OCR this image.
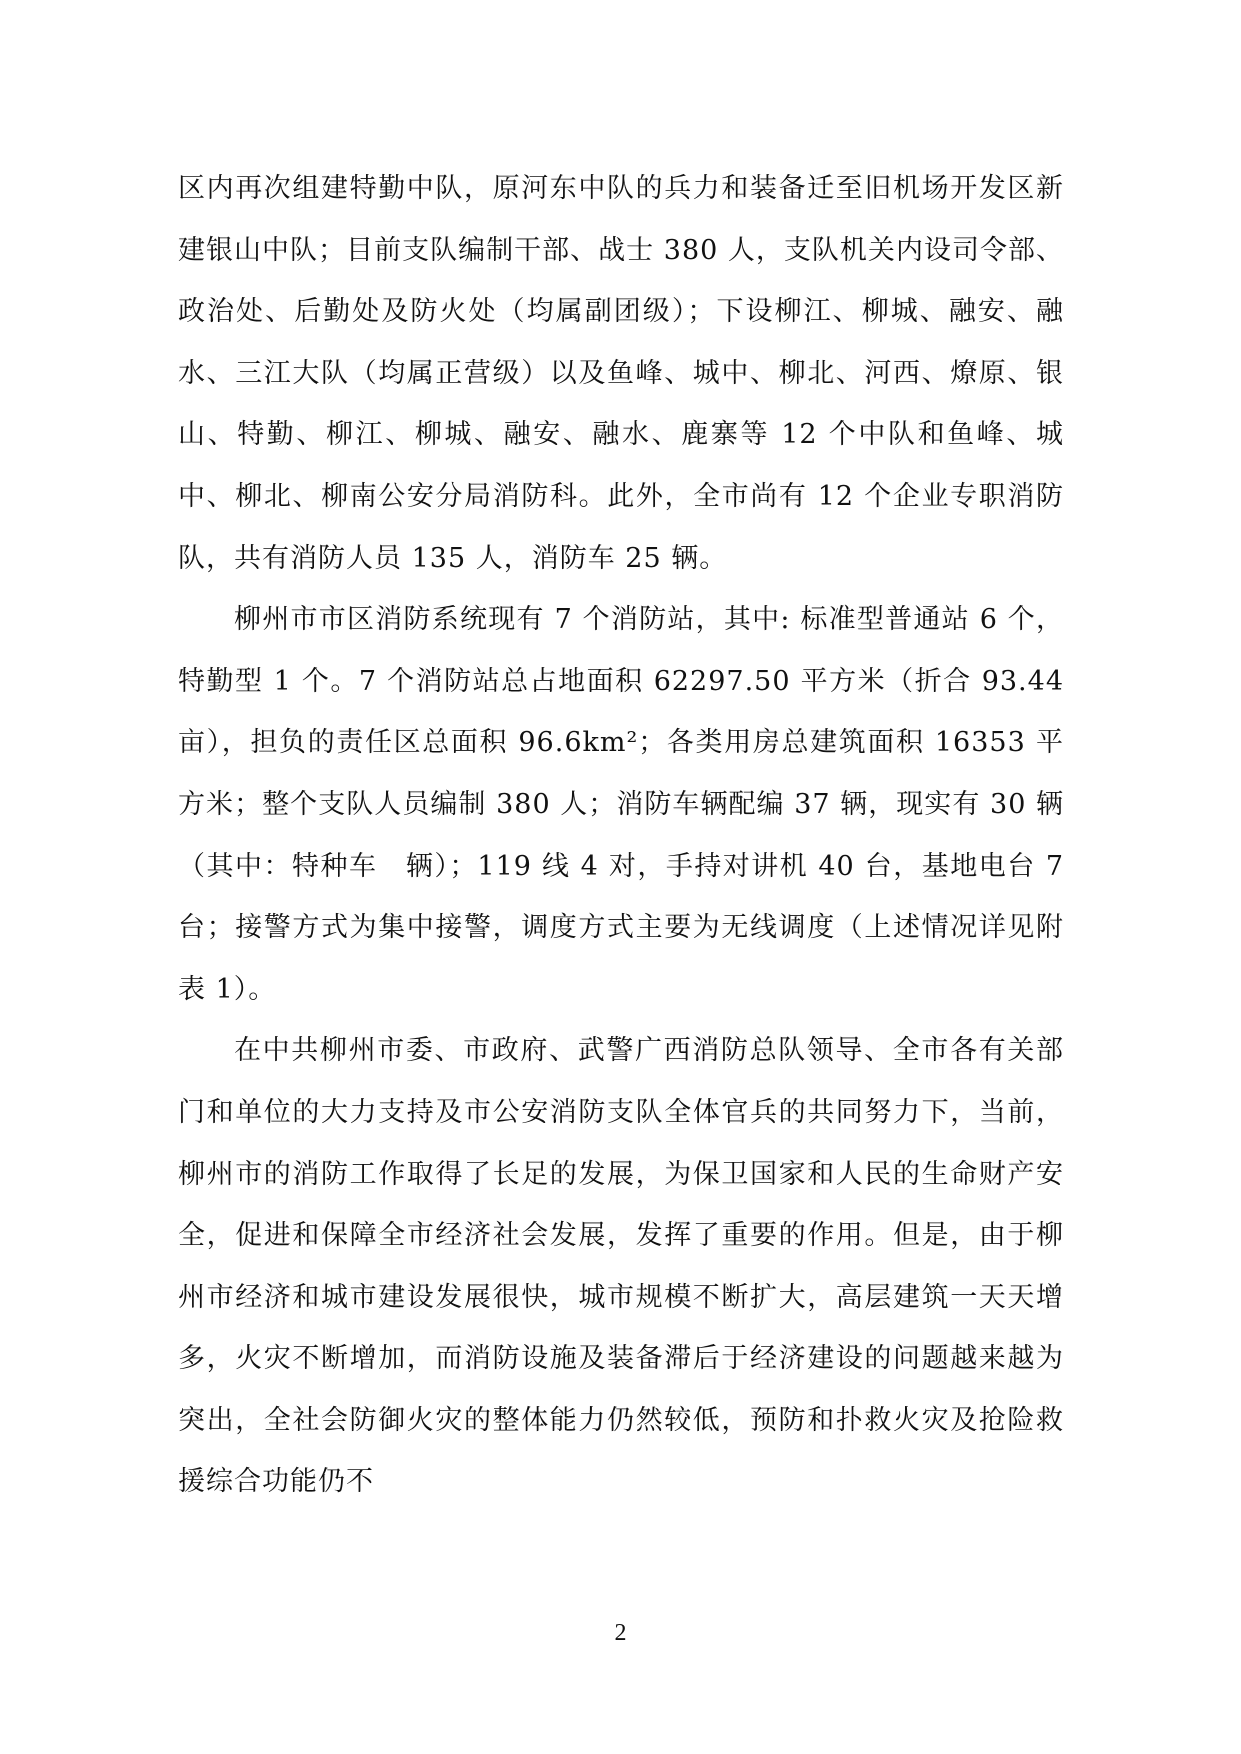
区内再次组建特勤中队，原河东中队的兵力和装备迁至旧机场开发区新建银山中队；目前支队编制干部、战士 380 人，支队机关内设司令部、政治处、后勤处及防火处（均属副团级）；下设柳江、柳城、融安、融水、三江大队（均属正营级）以及鱼峰、城中、柳北、河西、燎原、银山、特勤、柳江、柳城、融安、融水、鹿寨等 12 个中队和鱼峰、城中、柳北、柳南公安分局消防科。此外，全市尚有 12 个企业专职消防队，共有消防人员 135 人，消防车 25 辆。

柳州市市区消防系统现有 7 个消防站，其中: 标准型普通站 6 个，特勤型 1 个。7 个消防站总占地面积 62297.50 平方米（折合 93.44 亩），担负的责任区总面积 96.6km²；各类用房总建筑面积 16353 平方米；整个支队人员编制 380 人；消防车辆配编 37 辆，现实有 30 辆（其中：特种车　辆）；119 线 4 对，手持对讲机 40 台，基地电台 7 台；接警方式为集中接警，调度方式主要为无线调度（上述情况详见附表 1）。

在中共柳州市委、市政府、武警广西消防总队领导、全市各有关部门和单位的大力支持及市公安消防支队全体官兵的共同努力下，当前，柳州市的消防工作取得了长足的发展，为保卫国家和人民的生命财产安全，促进和保障全市经济社会发展，发挥了重要的作用。但是，由于柳州市经济和城市建设发展很快，城市规模不断扩大，高层建筑一天天增多，火灾不断增加，而消防设施及装备滞后于经济建设的问题越来越为突出，全社会防御火灾的整体能力仍然较低，预防和扑救火灾及抢险救援综合功能仍不

2
